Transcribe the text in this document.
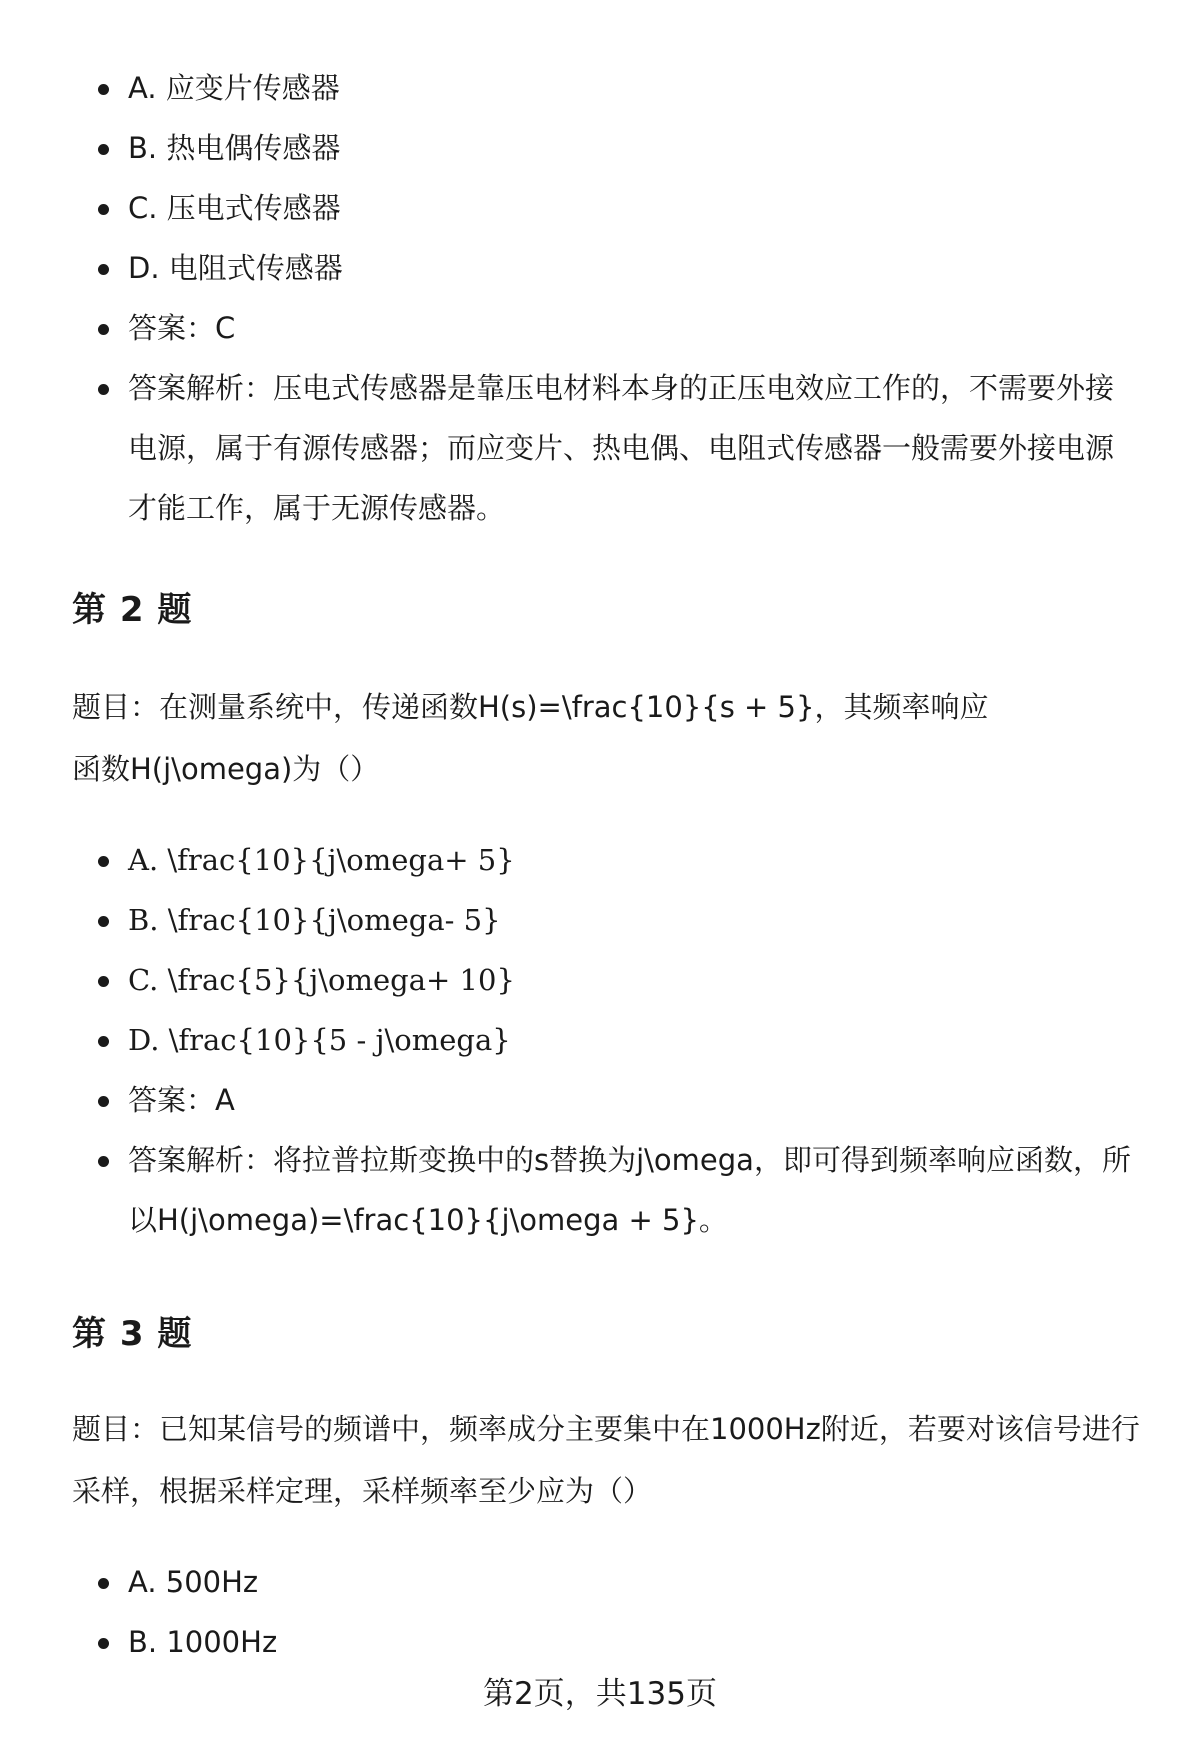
A. 应变片传感器
B. 热电偶传感器
C. 压电式传感器
D. 电阻式传感器
答案：C
答案解析：压电式传感器是靠压电材料本身的正压电效应工作的，不需要外接电源，属于有源传感器；而应变片、热电偶、电阻式传感器一般需要外接电源才能工作，属于无源传感器。
第 2 题

题目：在测量系统中，传递函数H(s)=\frac{10}{s + 5}，其频率响应函数H(j\omega)为（）

A. \frac{10}{j\omega+ 5}
B. \frac{10}{j\omega- 5}
C. \frac{5}{j\omega+ 10}
D. \frac{10}{5 - j\omega}
答案：A
答案解析：将拉普拉斯变换中的s替换为j\omega，即可得到频率响应函数，所以H(j\omega)=\frac{10}{j\omega + 5}。
第 3 题

题目：已知某信号的频谱中，频率成分主要集中在1000Hz附近，若要对该信号进行采样，根据采样定理，采样频率至少应为（）

A. 500Hz
B. 1000Hz
第2页，共135页
